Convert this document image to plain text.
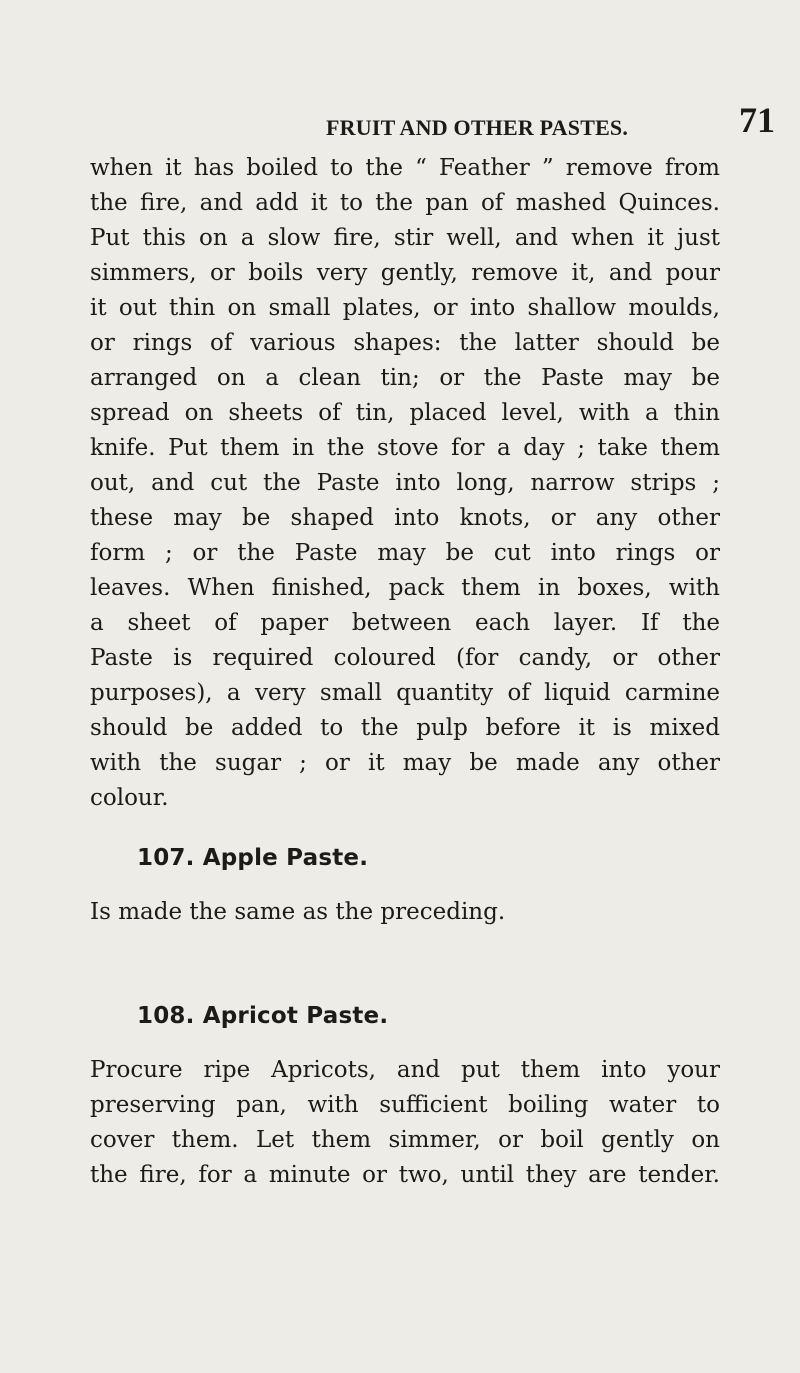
FRUIT AND OTHER PASTES.	71
when it has boiled to the “ Feather ” remove from
the fire, and add it to the pan of mashed Quinces.
Put this on a slow fire, stir well, and when it just
simmers, or boils very gently, remove it, and pour
it out thin on small plates, or into shallow moulds,
or rings of various shapes: the latter should be
arranged on a clean tin; or the Paste may be
spread on sheets of tin, placed level, with a thin
knife. Put them in the stove for a day ; take them
out, and cut the Paste into long, narrow strips ;
these may be shaped into knots, or any other
form ; or the Paste may be cut into rings or
leaves. When finished, pack them in boxes, with
a sheet of paper between each layer. If the
Paste is required coloured (for candy, or other
purposes), a very small quantity of liquid carmine
should be added to the pulp before it is mixed
with the sugar ; or it may be made any other
colour.
107. Apple Paste.
Is made the same as the preceding.
108. Apricot Paste.
Procure ripe Apricots, and put them into your
preserving pan, with sufficient boiling water to
cover them. Let them simmer, or boil gently on
the fire, for a minute or two, until they are tender.
